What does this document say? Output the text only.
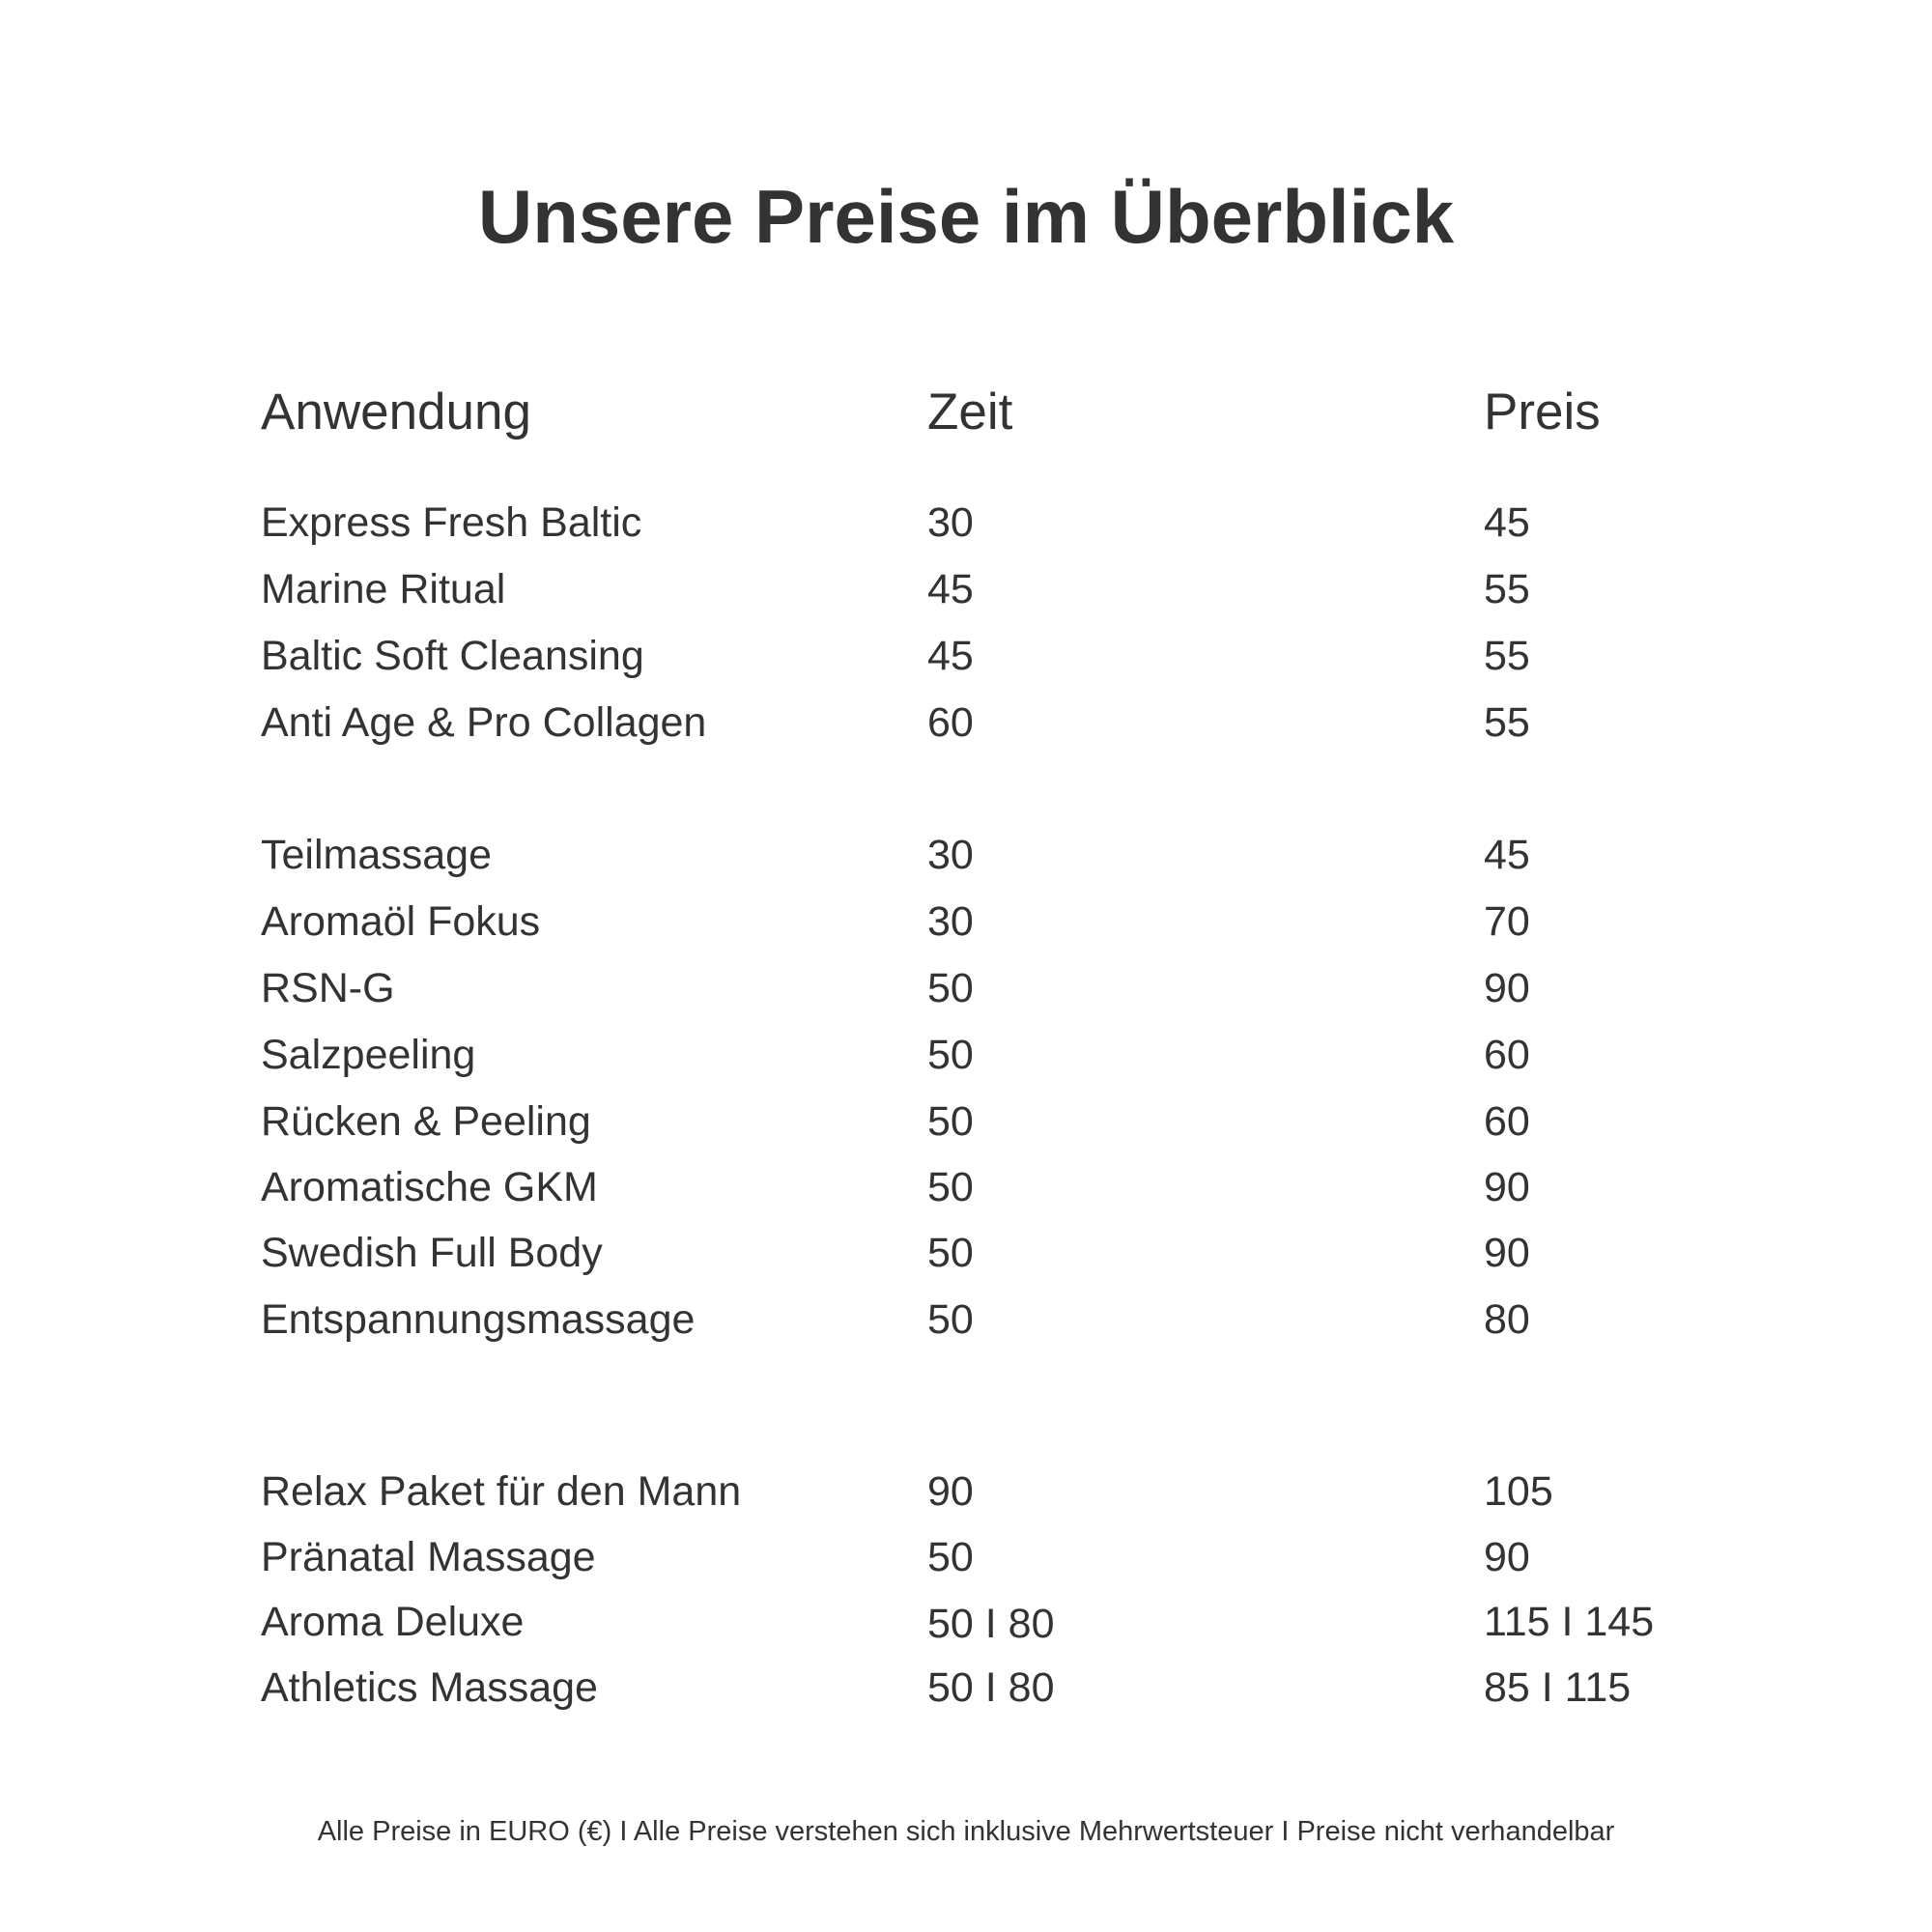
Unsere Preise im Überblick
Anwendung	Zeit	Preis
Express Fresh Baltic	30	45
Marine Ritual	45	55
Baltic Soft Cleansing	45	55
Anti Age & Pro Collagen	60	55
Teilmassage	30	45
Aromaöl Fokus	30	70
RSN-G	50	90
Salzpeeling	50	60
Rücken & Peeling	50	60
Aromatische GKM	50	90
Swedish Full Body	50	90
Entspannungsmassage	50	80
Relax Paket für den Mann	90	105
Pränatal Massage	50	90
Aroma Deluxe	50 I 80	115 I 145
Athletics Massage	50 I 80	85 I 115
Alle Preise in EURO (€) I Alle Preise verstehen sich inklusive Mehrwertsteuer I Preise nicht verhandelbar
